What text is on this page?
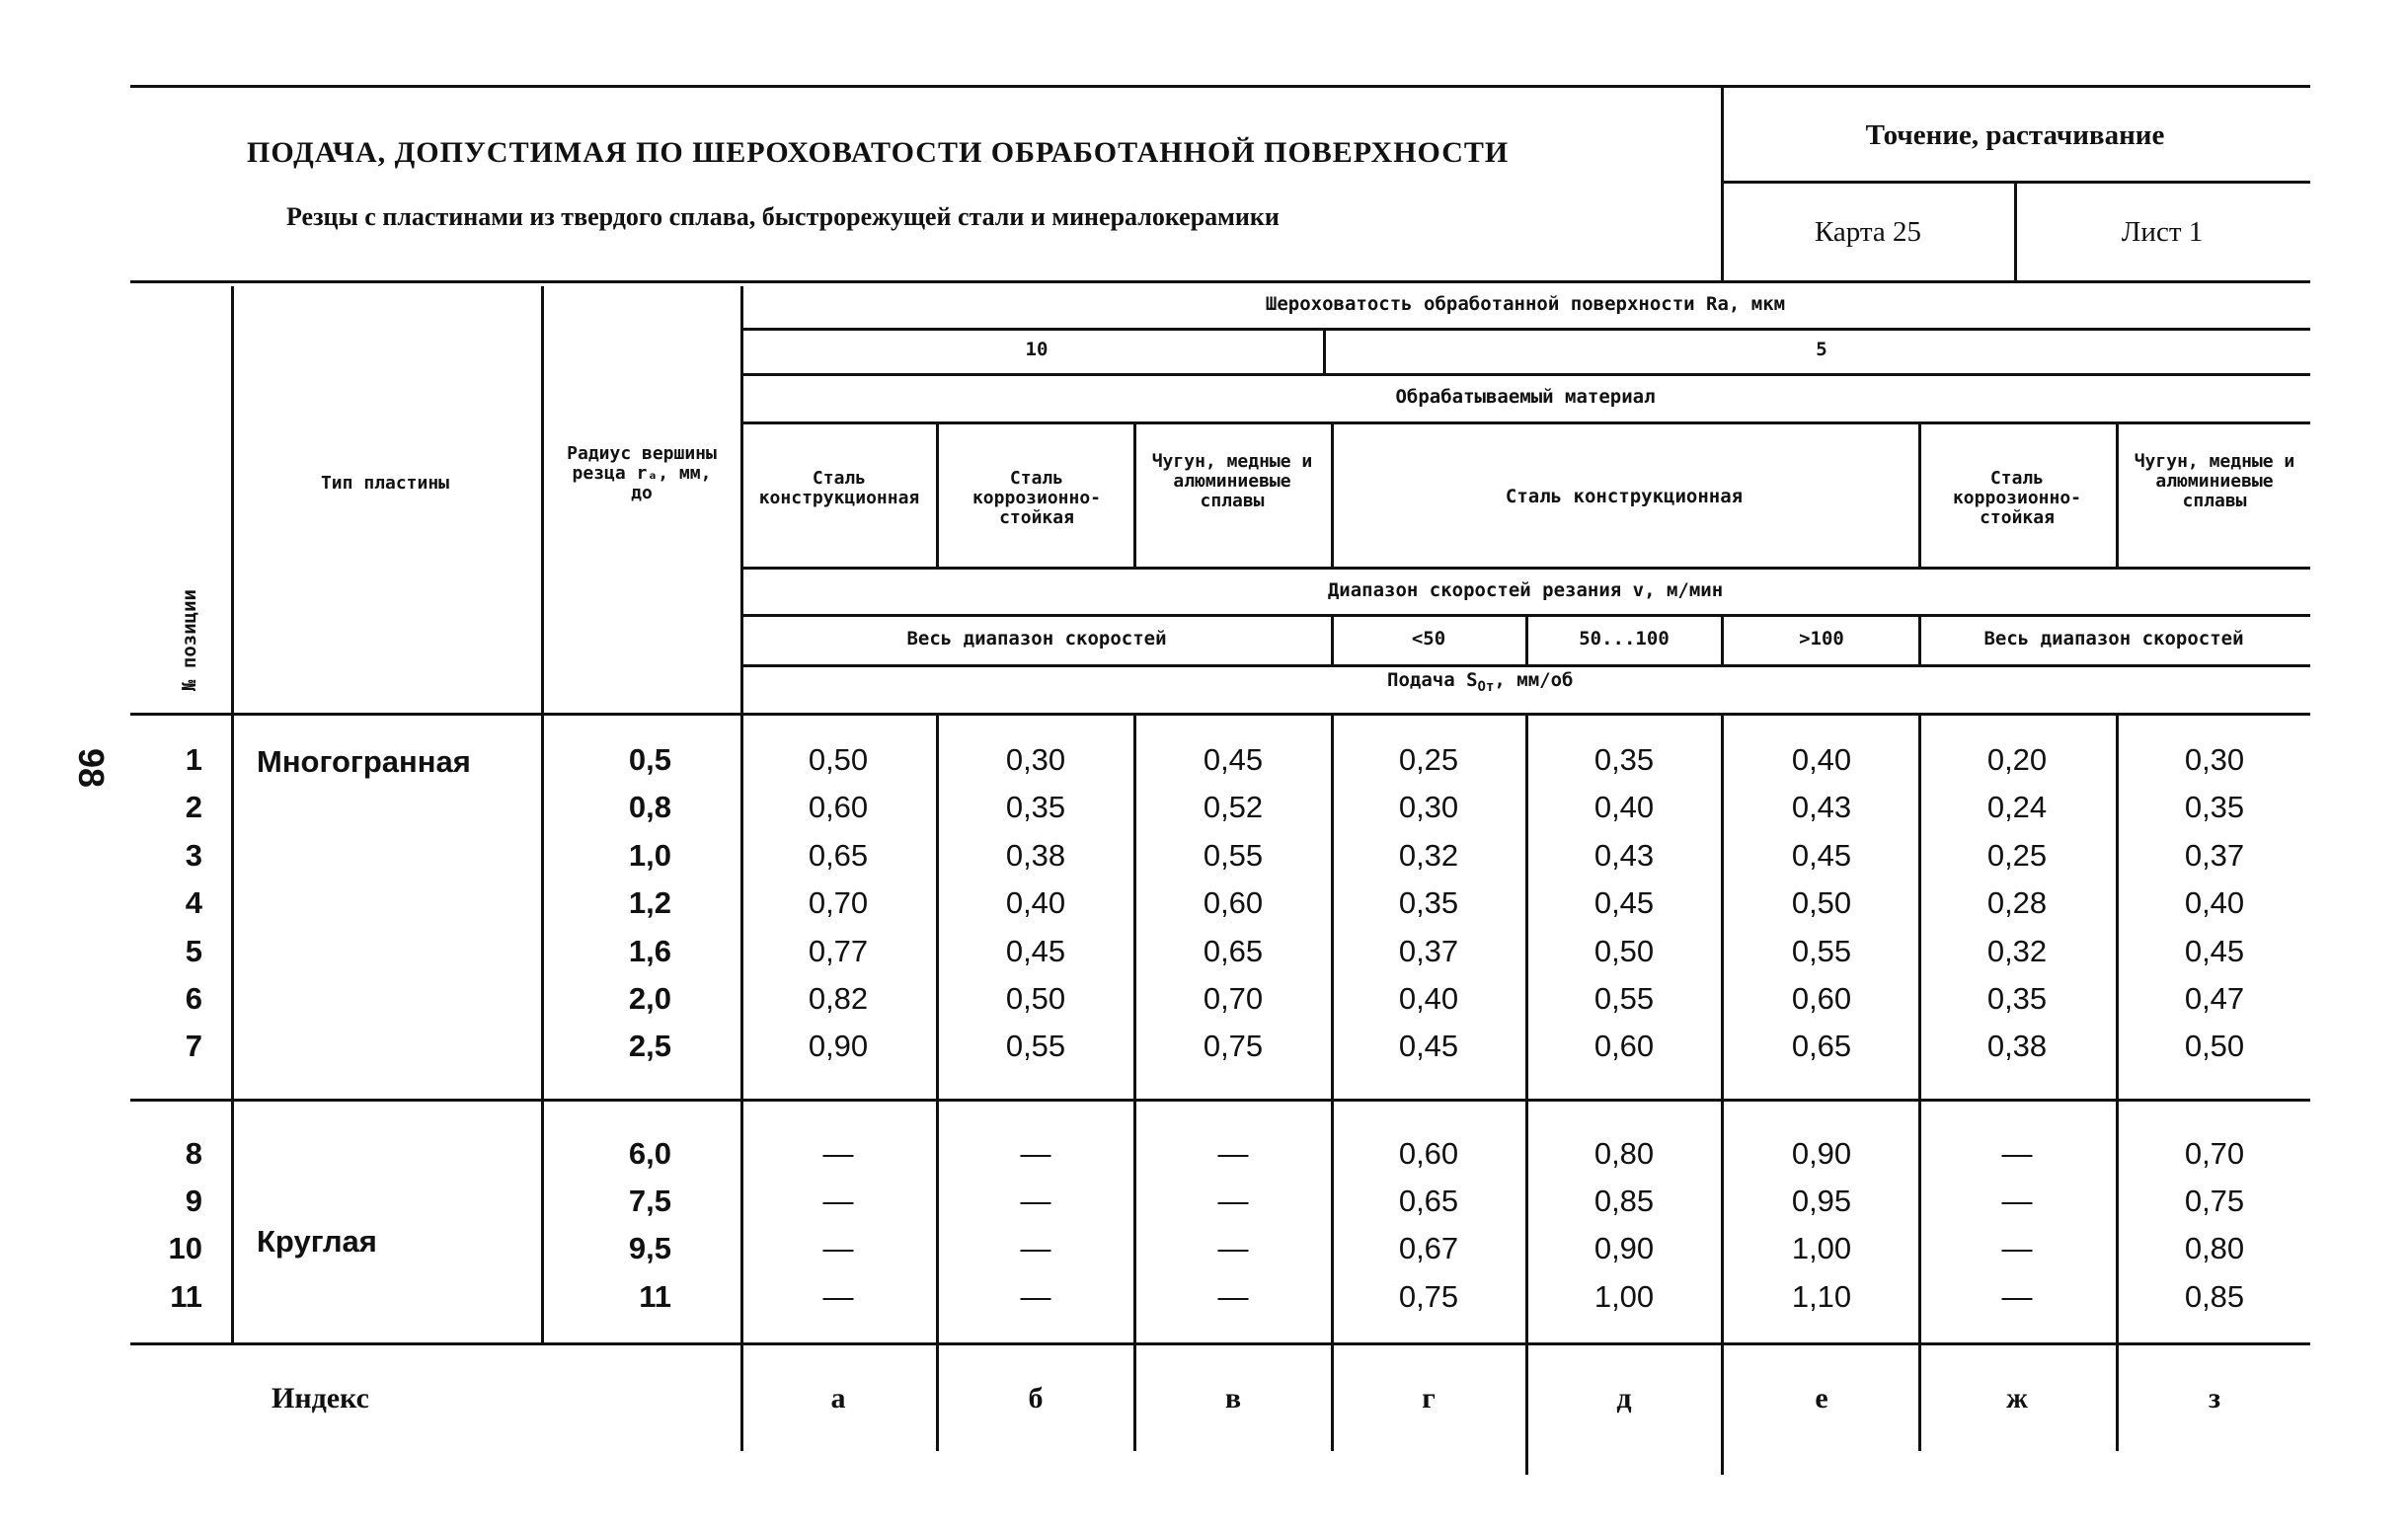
98
ПОДАЧА, ДОПУСТИМАЯ ПО ШЕРОХОВАТОСТИ ОБРАБОТАННОЙ ПОВЕРХНОСТИ
Резцы с пластинами из твердого сплава, быстрорежущей стали и минералокерамики
Точение, растачивание
Карта 25	Лист 1
№ позиции
Тип пластины
Радиус вершины резца rₐ, мм, до
Шероховатость обработанной поверхности Ra, мкм
10	5
Обрабатываемый материал
Сталь конструкционная
Сталь коррозионно-стойкая
Чугун, медные и алюминиевые сплавы	Сталь конструкционная
Сталь коррозионно-стойкая
Чугун, медные и алюминиевые сплавы
Диапазон скоростей резания v, м/мин
Весь диапазон скоростей	<50	50...100	>100	Весь диапазон скоростей
Подача $S_{От}$, мм/об
Многогранная
Круглая
1	0,5	0,50	0,30	0,45	0,25	0,35	0,40	0,20	0,30
2	0,8	0,60	0,35	0,52	0,30	0,40	0,43	0,24	0,35
3	1,0	0,65	0,38	0,55	0,32	0,43	0,45	0,25	0,37
4	1,2	0,70	0,40	0,60	0,35	0,45	0,50	0,28	0,40
5	1,6	0,77	0,45	0,65	0,37	0,50	0,55	0,32	0,45
6	2,0	0,82	0,50	0,70	0,40	0,55	0,60	0,35	0,47
7	2,5	0,90	0,55	0,75	0,45	0,60	0,65	0,38	0,50
8	6,0	—	—	—	0,60	0,80	0,90	—	0,70
9	7,5	—	—	—	0,65	0,85	0,95	—	0,75
10	9,5	—	—	—	0,67	0,90	1,00	—	0,80
11	11	—	—	—	0,75	1,00	1,10	—	0,85
Индекс	а	б	в	г	д	е	ж	з
